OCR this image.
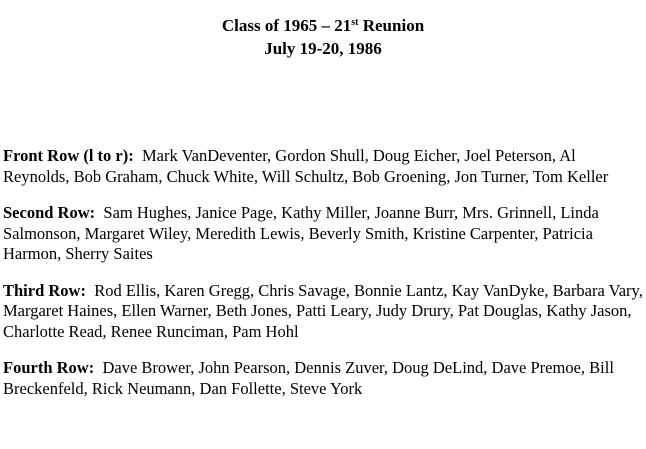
Class of 1965 – 21st Reunion
July 19-20, 1986

Front Row (l to r): Mark VanDeventer, Gordon Shull, Doug Eicher, Joel Peterson, Al Reynolds, Bob Graham, Chuck White, Will Schultz, Bob Groening, Jon Turner, Tom Keller

Second Row: Sam Hughes, Janice Page, Kathy Miller, Joanne Burr, Mrs. Grinnell, Linda Salmonson, Margaret Wiley, Meredith Lewis, Beverly Smith, Kristine Carpenter, Patricia Harmon, Sherry Saites

Third Row: Rod Ellis, Karen Gregg, Chris Savage, Bonnie Lantz, Kay VanDyke, Barbara Vary, Margaret Haines, Ellen Warner, Beth Jones, Patti Leary, Judy Drury, Pat Douglas, Kathy Jason, Charlotte Read, Renee Runciman, Pam Hohl

Fourth Row: Dave Brower, John Pearson, Dennis Zuver, Doug DeLind, Dave Premoe, Bill Breckenfeld, Rick Neumann, Dan Follette, Steve York
